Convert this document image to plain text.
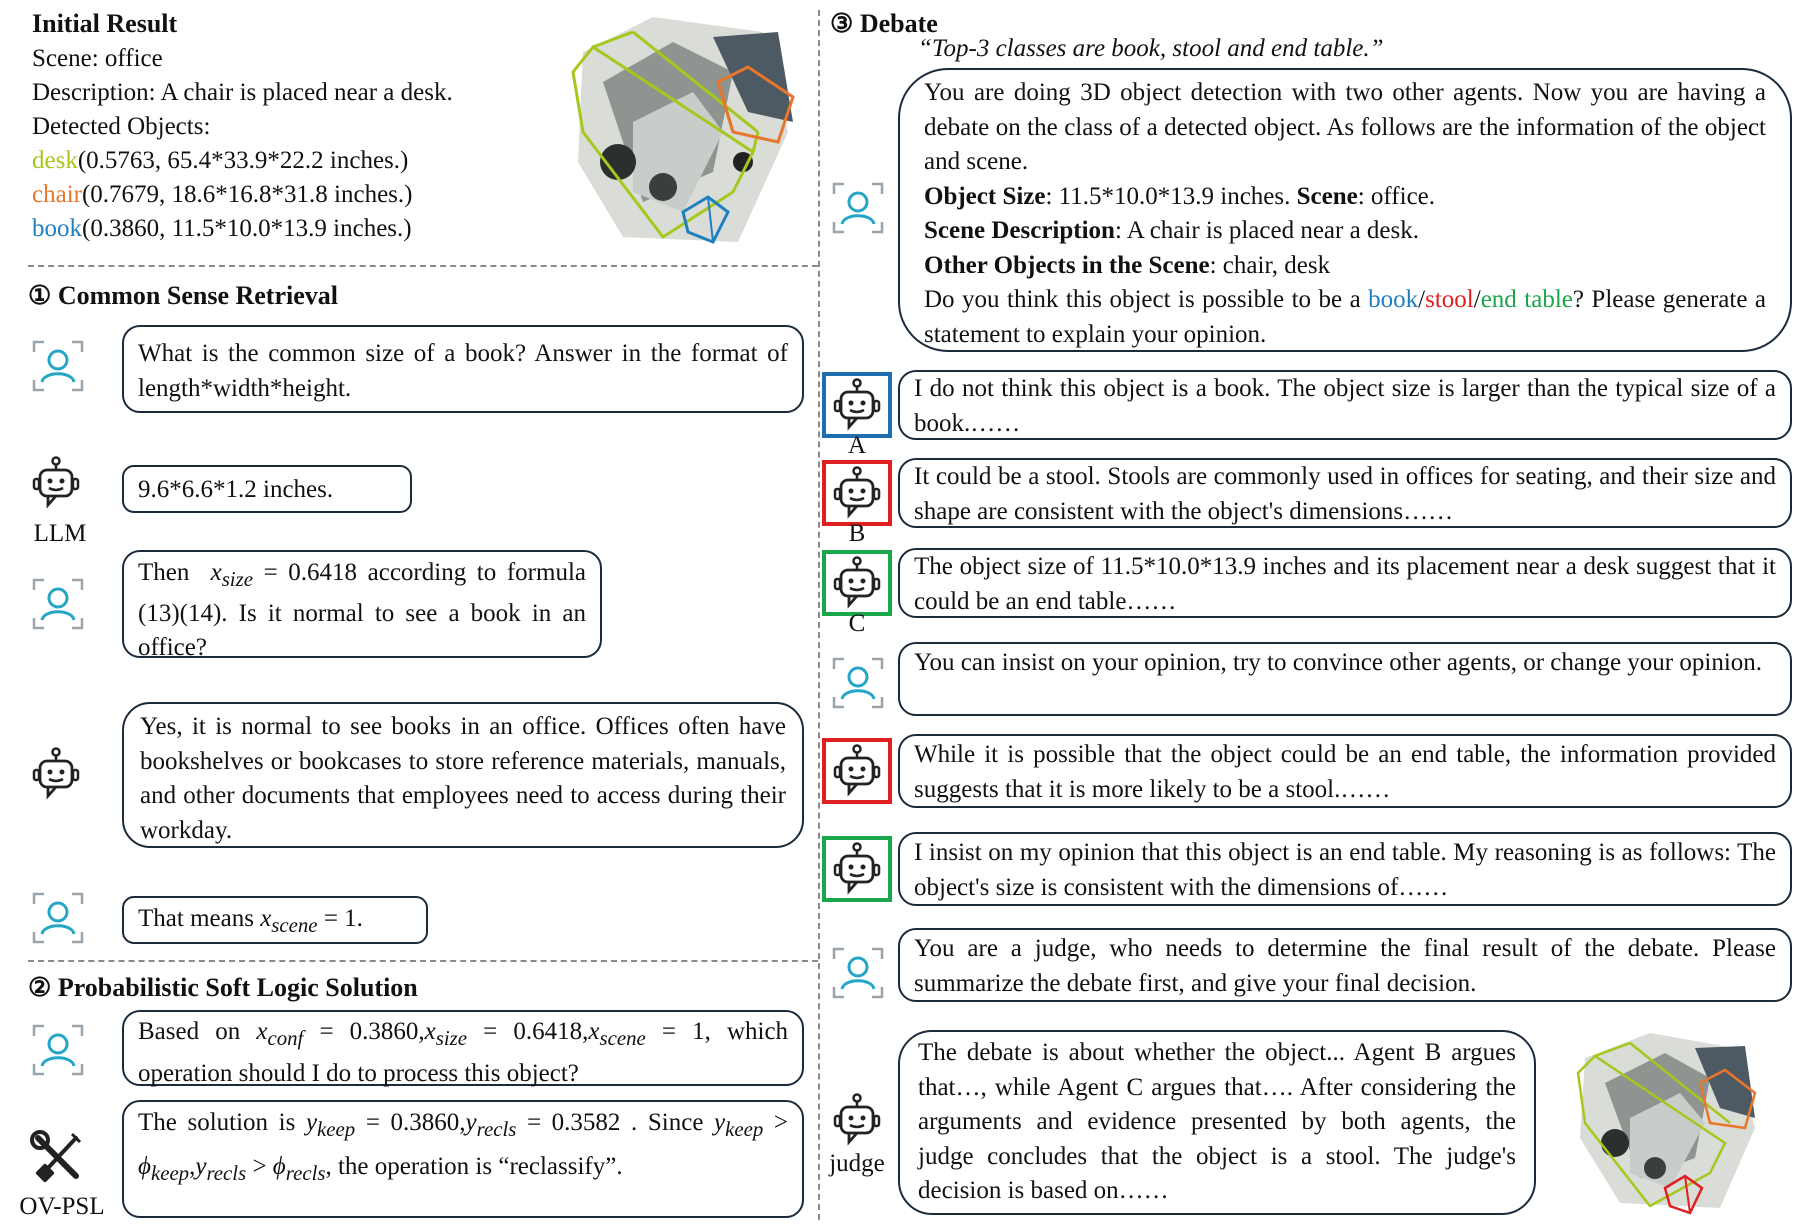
Initial Result
Scene: office
Description: A chair is placed near a desk.
Detected Objects:
desk(0.5763, 65.4*33.9*22.2 inches.)
chair(0.7679, 18.6*16.8*31.8 inches.)
book(0.3860, 11.5*10.0*13.9 inches.)
① Common Sense Retrieval
What is the common size of a book? Answer in the format of length*width*height.
LLM
9.6*6.6*1.2 inches.
Then $x_{size} = 0.6418$ according to formula (13)(14). Is it normal to see a book in an office?
Yes, it is normal to see books in an office. Offices often have bookshelves or bookcases to store reference materials, manuals, and other documents that employees need to access during their workday.
That means $x_{scene} = 1$.
② Probabilistic Soft Logic Solution
Based on $x_{conf} = 0.3860,x_{size} = 0.6418,x_{scene} = 1$, which operation should I do to process this object?
OV-PSL
The solution is $y_{keep} = 0.3860,y_{recls} = 0.3582$ . Since $y_{keep} > \phi_{keep},y_{recls} > \phi_{recls}$, the operation is “reclassify”.
③ Debate
“Top-3 classes are book, stool and end table.”
You are doing 3D object detection with two other agents. Now you are having a debate on the class of a detected object. As follows are the information of the object and scene.
Object Size: 11.5*10.0*13.9 inches. Scene: office.
Scene Description: A chair is placed near a desk.
Other Objects in the Scene: chair, desk
Do you think this object is possible to be a book/stool/end table? Please generate a statement to explain your opinion.
A
I do not think this object is a book. The object size is larger than the typical size of a book.……
B
It could be a stool. Stools are commonly used in offices for seating, and their size and shape are consistent with the object's dimensions……
C
The object size of 11.5*10.0*13.9 inches and its placement near a desk suggest that it could be an end table……
You can insist on your opinion, try to convince other agents, or change your opinion.
While it is possible that the object could be an end table, the information provided suggests that it is more likely to be a stool.……
I insist on my opinion that this object is an end table. My reasoning is as follows: The object's size is consistent with the dimensions of……
You are a judge, who needs to determine the final result of the debate. Please summarize the debate first, and give your final decision.
judge
The debate is about whether the object... Agent B argues that…, while Agent C argues that…. After considering the arguments and evidence presented by both agents, the judge concludes that the object is a stool. The judge's decision is based on……
